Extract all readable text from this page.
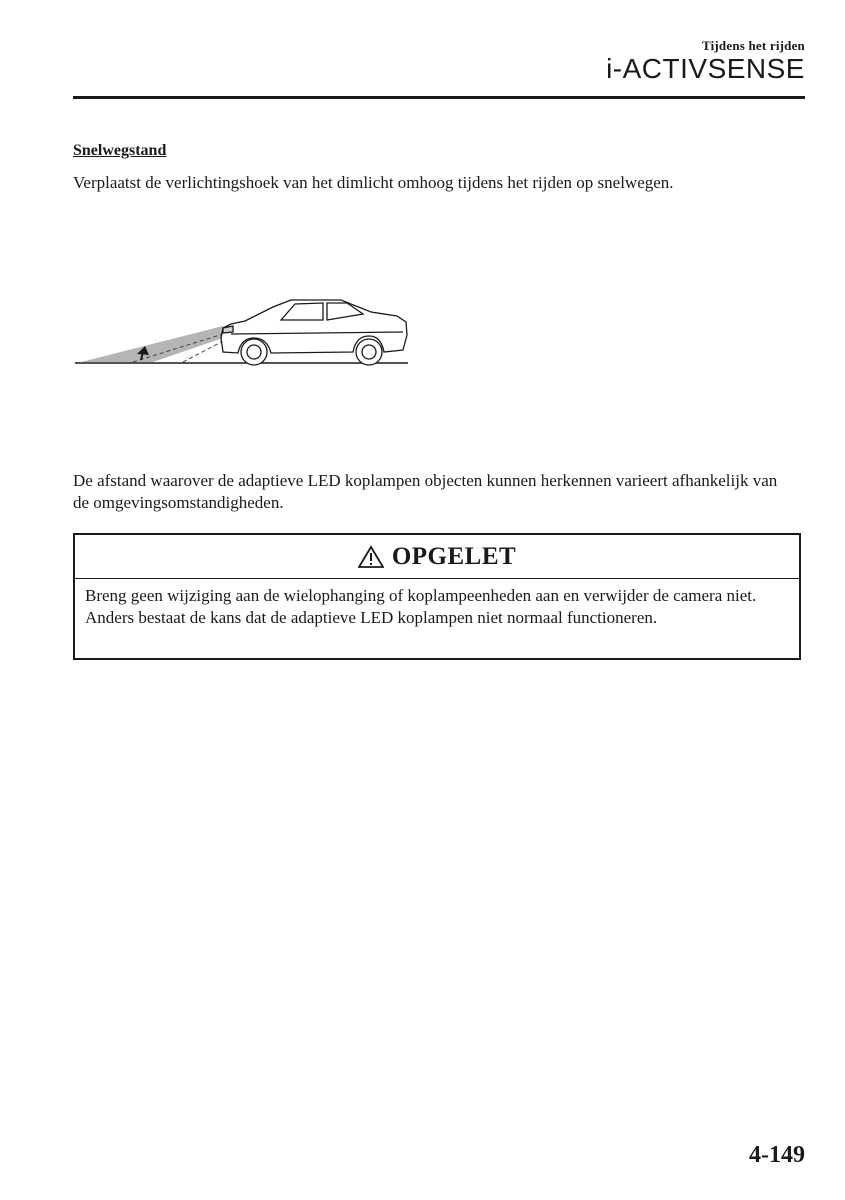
Tijdens het rijden
i-ACTIVSENSE
Snelwegstand
Verplaatst de verlichtingshoek van het dimlicht omhoog tijdens het rijden op snelwegen.
De afstand waarover de adaptieve LED koplampen objecten kunnen herkennen varieert afhankelijk van de omgevingsomstandigheden.
OPGELET
Breng geen wijziging aan de wielophanging of koplampeenheden aan en verwijder de camera niet. Anders bestaat de kans dat de adaptieve LED koplampen niet normaal functioneren.
4-149
